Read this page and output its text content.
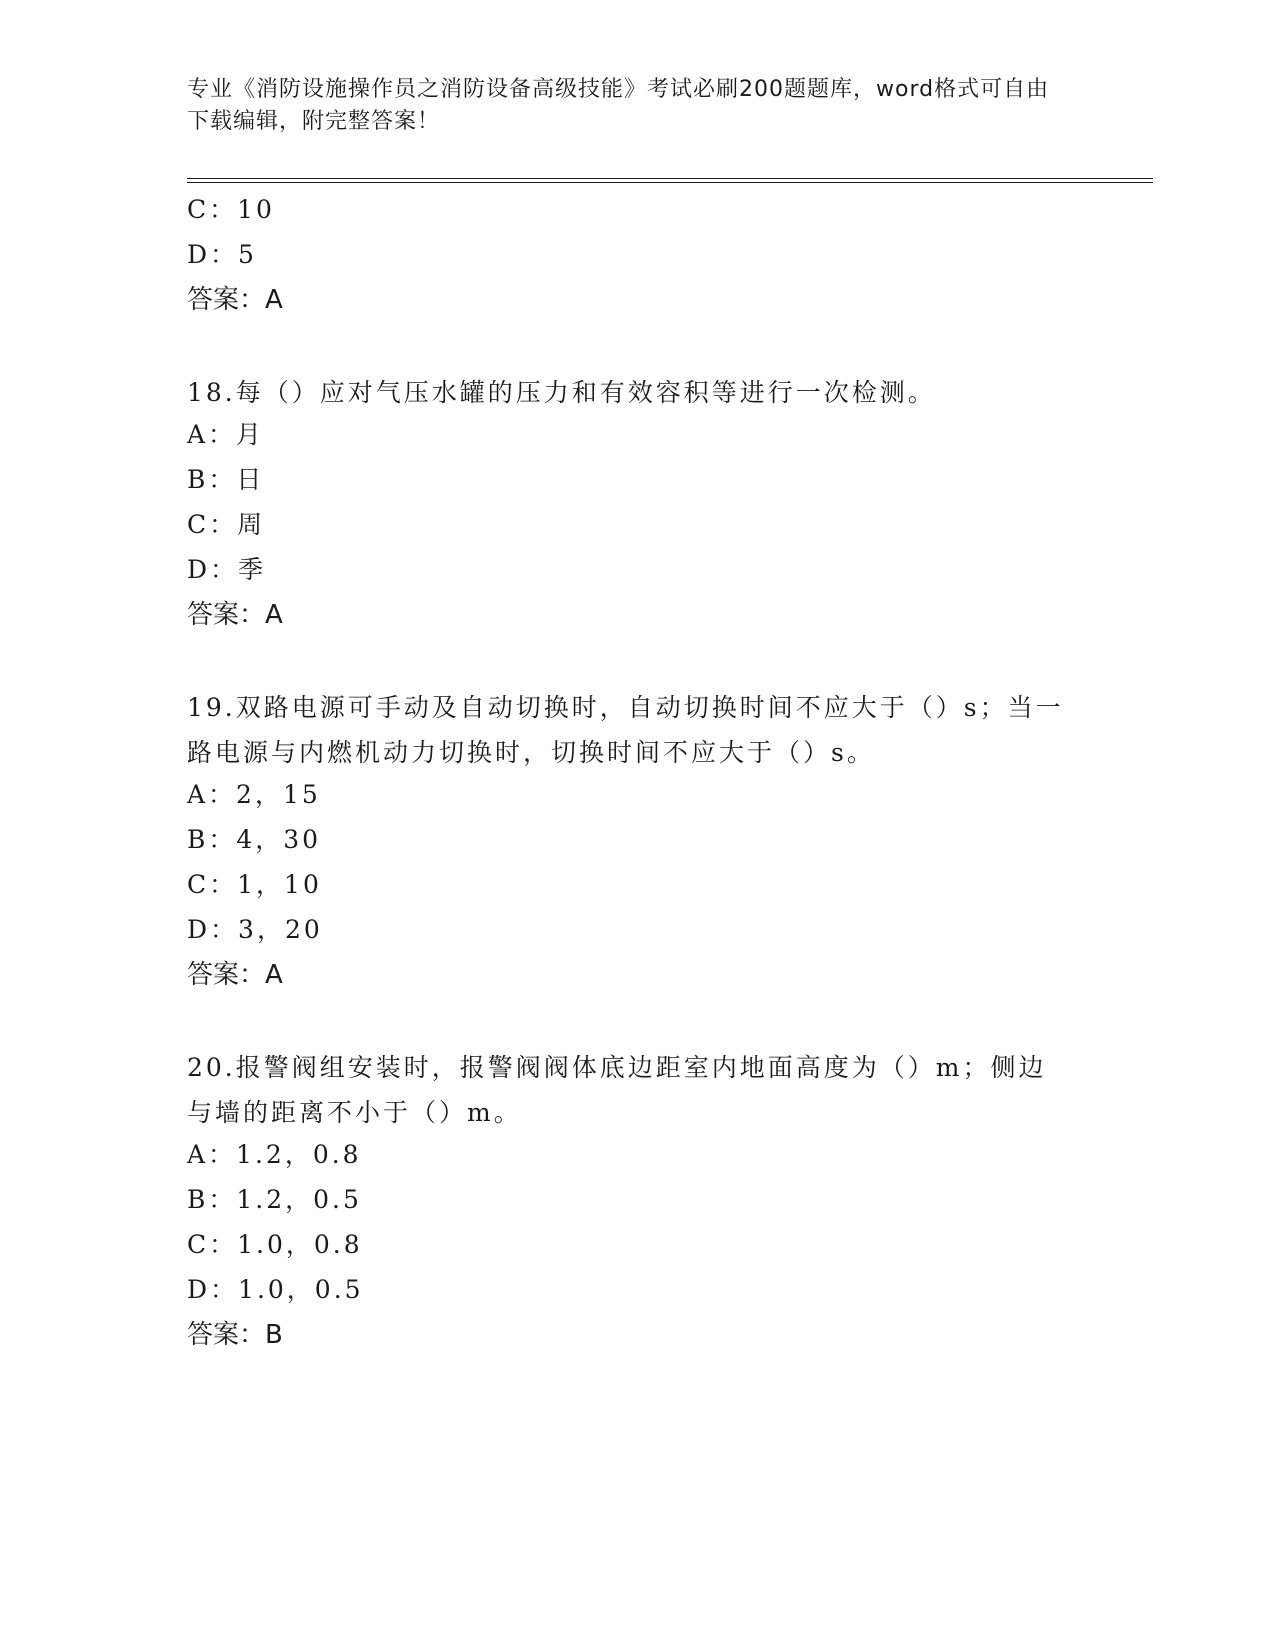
专业《消防设施操作员之消防设备高级技能》考试必刷200题题库，word格式可自由下载编辑，附完整答案！
C：10
D：5
答案：A
18.每（）应对气压水罐的压力和有效容积等进行一次检测。
A：月
B：日
C：周
D：季
答案：A
19.双路电源可手动及自动切换时，自动切换时间不应大于（）s；当一路电源与内燃机动力切换时，切换时间不应大于（）s。
A：2，15
B：4，30
C：1，10
D：3，20
答案：A
20.报警阀组安装时，报警阀阀体底边距室内地面高度为（）m；侧边与墙的距离不小于（）m。
A：1.2，0.8
B：1.2，0.5
C：1.0，0.8
D：1.0，0.5
答案：B
